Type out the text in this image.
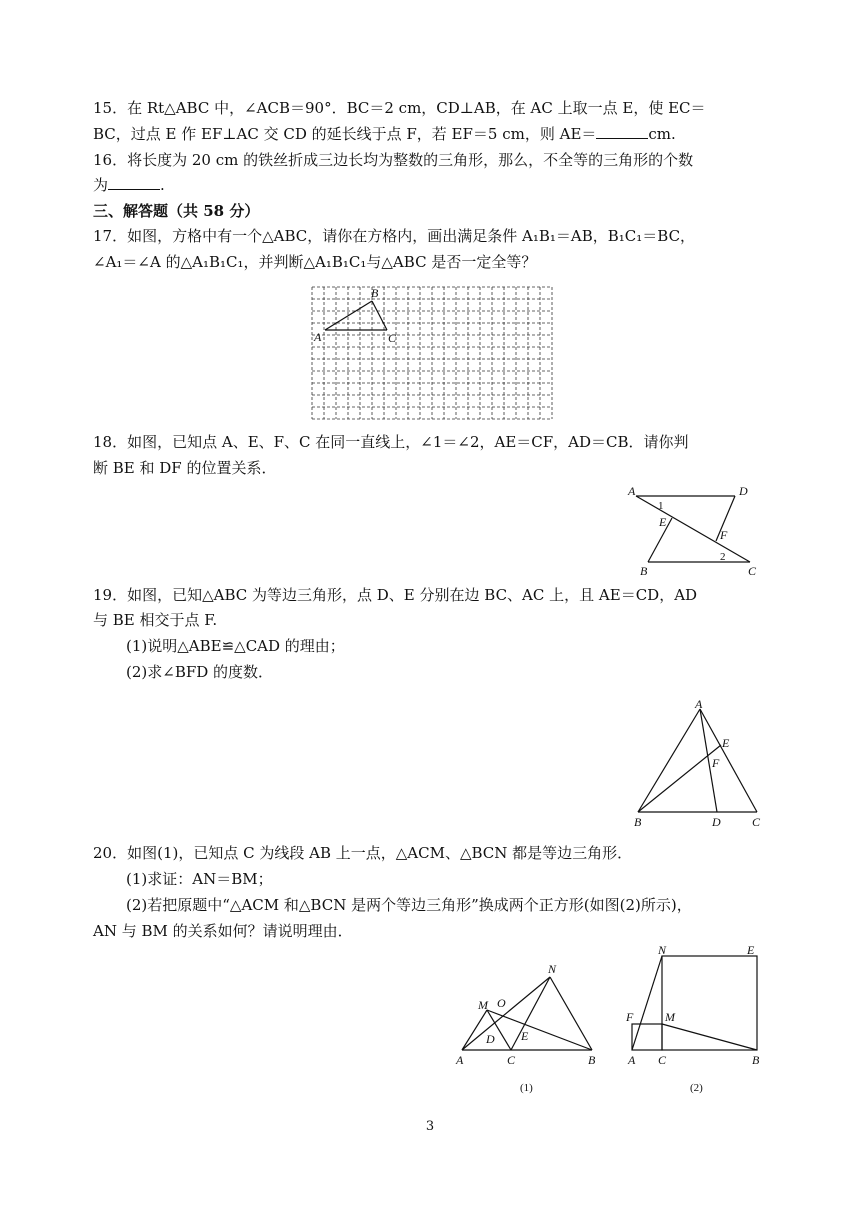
15．在 Rt△ABC 中，∠ACB＝90°．BC＝2 cm，CD⊥AB，在 AC 上取一点 E，使 EC＝
BC，过点 E 作 EF⊥AC 交 CD 的延长线于点 F，若 EF＝5 cm，则 AE＝	cm.
16．将长度为 20 cm 的铁丝折成三边长均为整数的三角形，那么，不全等的三角形的个数
为	.
三、解答题（共 58 分）
17．如图，方格中有一个△ABC，请你在方格内，画出满足条件 A₁B₁＝AB，B₁C₁＝BC，
∠A₁＝∠A 的△A₁B₁C₁，并判断△A₁B₁C₁与△ABC 是否一定全等？
A
B
C
18．如图，已知点 A、E、F、C 在同一直线上，∠1＝∠2，AE＝CF，AD＝CB．请你判
断 BE 和 DF 的位置关系．
A	D
E
F
B	C
1
2
19．如图，已知△ABC 为等边三角形，点 D、E 分别在边 BC、AC 上，且 AE＝CD，AD
与 BE 相交于点 F.
(1)说明△ABE≌△CAD 的理由；
(2)求∠BFD 的度数．
A
E
F
B	D	C
20．如图(1)，已知点 C 为线段 AB 上一点，△ACM、△BCN 都是等边三角形．
(1)求证：AN＝BM；
(2)若把原题中“△ACM 和△BCN 是两个等边三角形”换成两个正方形(如图(2)所示)，
AN 与 BM 的关系如何？请说明理由．
M O
N
D E
A	C	B
(1)
N	E
F	M
A C	B
(2)
3
